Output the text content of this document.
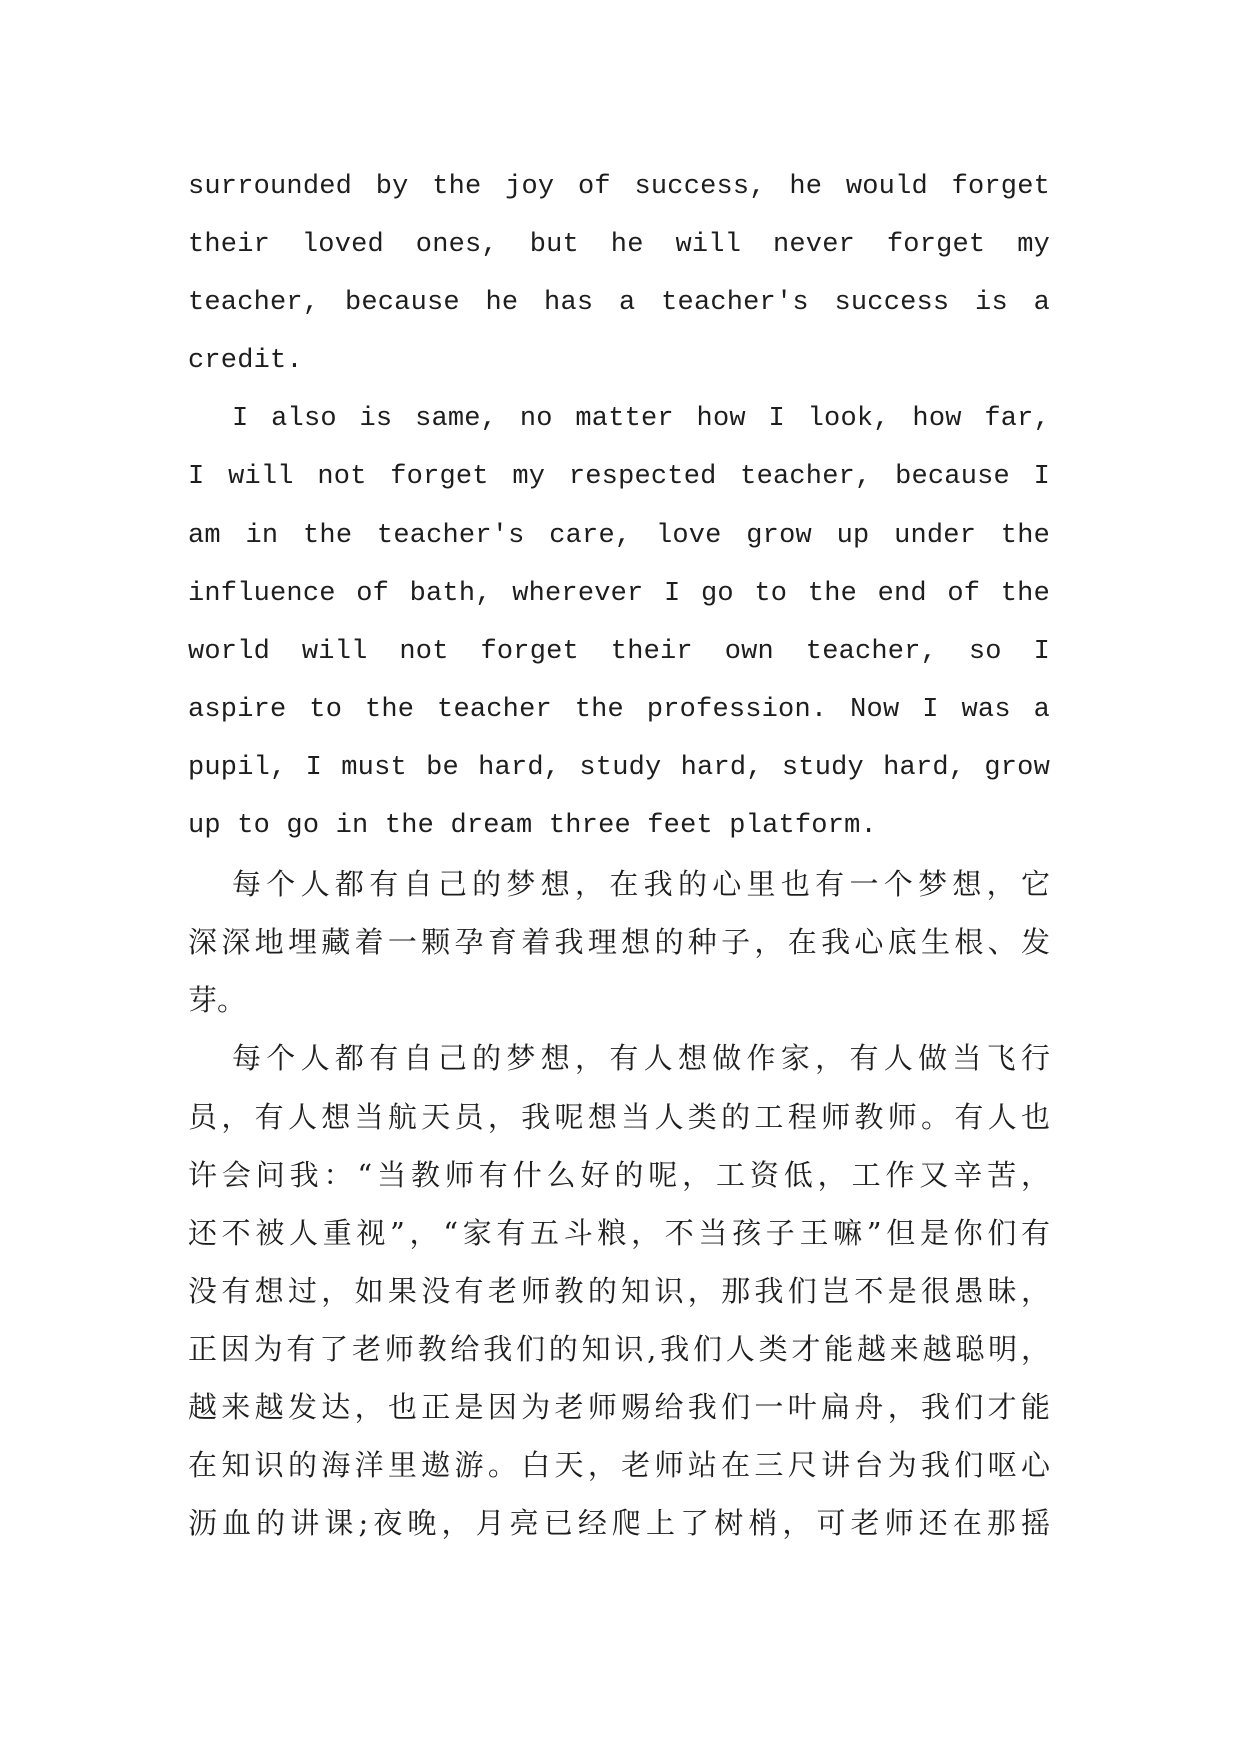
surrounded by the joy of success, he would forget
their loved ones, but he will never forget my
teacher, because he has a teacher's success is a
credit.
I also is same, no matter how I look, how far,
I will not forget my respected teacher, because I
am in the teacher's care, love grow up under the
influence of bath, wherever I go to the end of the
world will not forget their own teacher, so I
aspire to the teacher the profession. Now I was a
pupil, I must be hard, study hard, study hard, grow
up to go in the dream three feet platform.
每个人都有自己的梦想，在我的心里也有一个梦想，它
深深地埋藏着一颗孕育着我理想的种子，在我心底生根、发
芽。
每个人都有自己的梦想，有人想做作家，有人做当飞行
员，有人想当航天员，我呢想当人类的工程师教师。有人也
许会问我：“当教师有什么好的呢，工资低，工作又辛苦，
还不被人重视”，“家有五斗粮，不当孩子王嘛”但是你们有
没有想过，如果没有老师教的知识，那我们岂不是很愚昧，
正因为有了老师教给我们的知识,我们人类才能越来越聪明，
越来越发达，也正是因为老师赐给我们一叶扁舟，我们才能
在知识的海洋里遨游。白天，老师站在三尺讲台为我们呕心
沥血的讲课;夜晚，月亮已经爬上了树梢，可老师还在那摇
